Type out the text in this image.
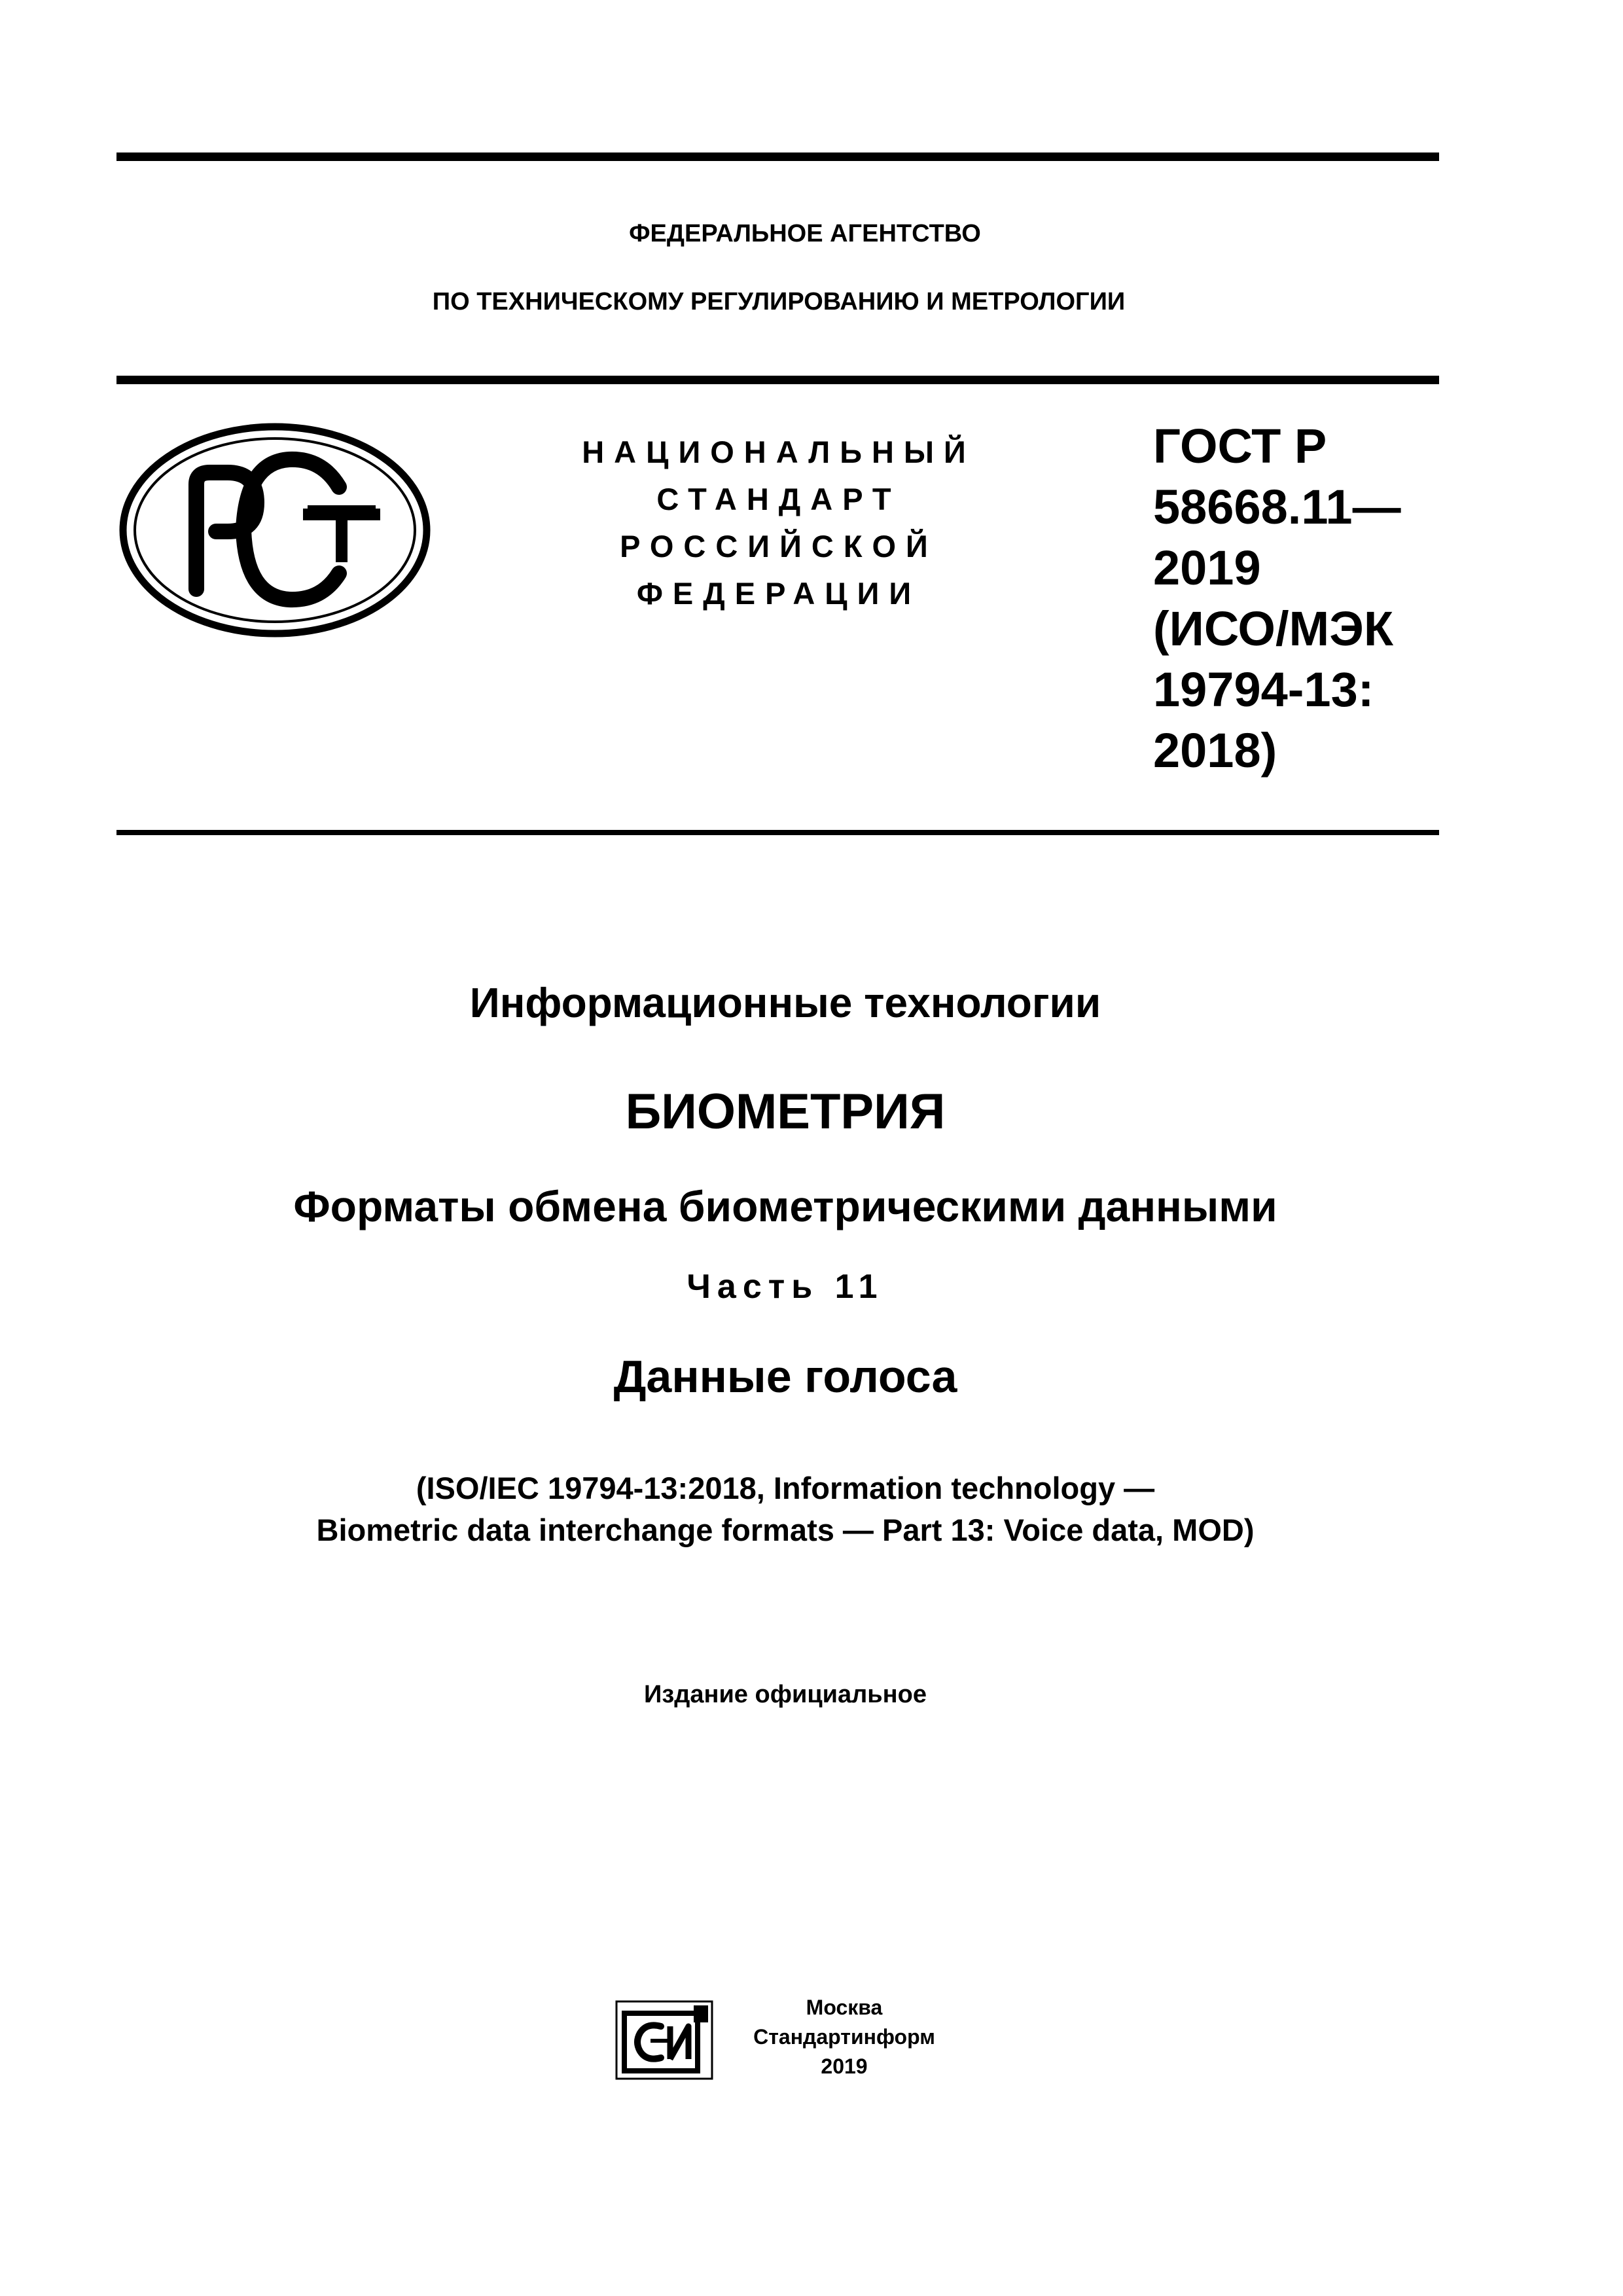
ФЕДЕРАЛЬНОЕ АГЕНТСТВО
ПО ТЕХНИЧЕСКОМУ РЕГУЛИРОВАНИЮ И МЕТРОЛОГИИ
НАЦИОНАЛЬНЫЙ
СТАНДАРТ
РОССИЙСКОЙ
ФЕДЕРАЦИИ
ГОСТ Р
58668.11—
2019
(ИСО/МЭК
19794-13:
2018)
Информационные технологии
БИОМЕТРИЯ
Форматы обмена биометрическими данными
Часть 11
Данные голоса
(ISO/IEC 19794-13:2018, Information technology —
Biometric data interchange formats — Part 13: Voice data, MOD)
Издание официальное
Москва
Стандартинформ
2019
